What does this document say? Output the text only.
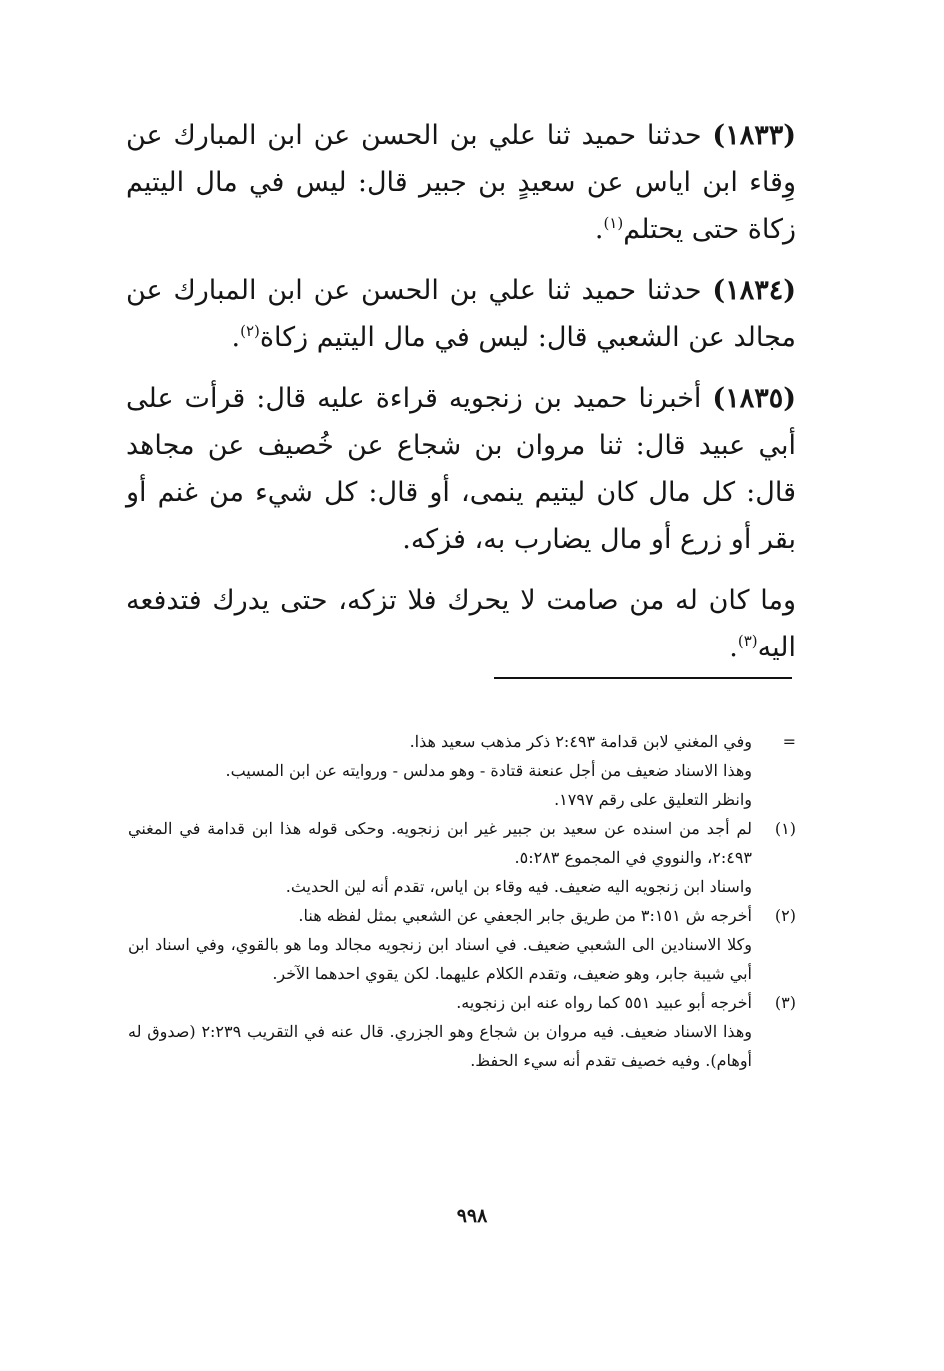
(١٨٣٣) حدثنا حميد ثنا علي بن الحسن عن ابن المبارك عن وِقاء ابن اياس عن سعيدٍ بن جبير قال: ليس في مال اليتيم زكاة حتى يحتلم$^{(١)}$.

(١٨٣٤) حدثنا حميد ثنا علي بن الحسن عن ابن المبارك عن مجالد عن الشعبي قال: ليس في مال اليتيم زكاة$^{(٢)}$.

(١٨٣٥) أخبرنا حميد بن زنجويه قراءة عليه قال: قرأت على أبي عبيد قال: ثنا مروان بن شجاع عن خُصيف عن مجاهد قال: كل مال كان ليتيم ينمى، أو قال: كل شيء من غنم أو بقر أو زرع أو مال يضارب به، فزكه.

وما كان له من صامت لا يحرك فلا تزكه، حتى يدرك فتدفعه اليه$^{(٣)}$.

=
وفي المغني لابن قدامة ٢:٤٩٣ ذكر مذهب سعيد هذا.
وهذا الاسناد ضعيف من أجل عنعنة قتادة - وهو مدلس - وروايته عن ابن المسيب.
وانظر التعليق على رقم ١٧٩٧.
(١)
لم أجد من اسنده عن سعيد بن جبير غير ابن زنجويه. وحكى قوله هذا ابن قدامة في المغني ٢:٤٩٣، والنووي في المجموع ٥:٢٨٣.
واسناد ابن زنجويه اليه ضعيف. فيه وقاء بن اياس، تقدم أنه لين الحديث.
(٢)
أخرجه ش ٣:١٥١ من طريق جابر الجعفي عن الشعبي بمثل لفظه هنا.
وكلا الاسنادين الى الشعبي ضعيف. في اسناد ابن زنجويه مجالد وما هو بالقوي، وفي اسناد ابن أبي شيبة جابر، وهو ضعيف، وتقدم الكلام عليهما. لكن يقوي احدهما الآخر.
(٣)
أخرجه أبو عبيد ٥٥١ كما رواه عنه ابن زنجويه.
وهذا الاسناد ضعيف. فيه مروان بن شجاع وهو الجزري. قال عنه في التقريب ٢:٢٣٩ (صدوق له أوهام). وفيه خصيف تقدم أنه سيء الحفظ.
٩٩٨
